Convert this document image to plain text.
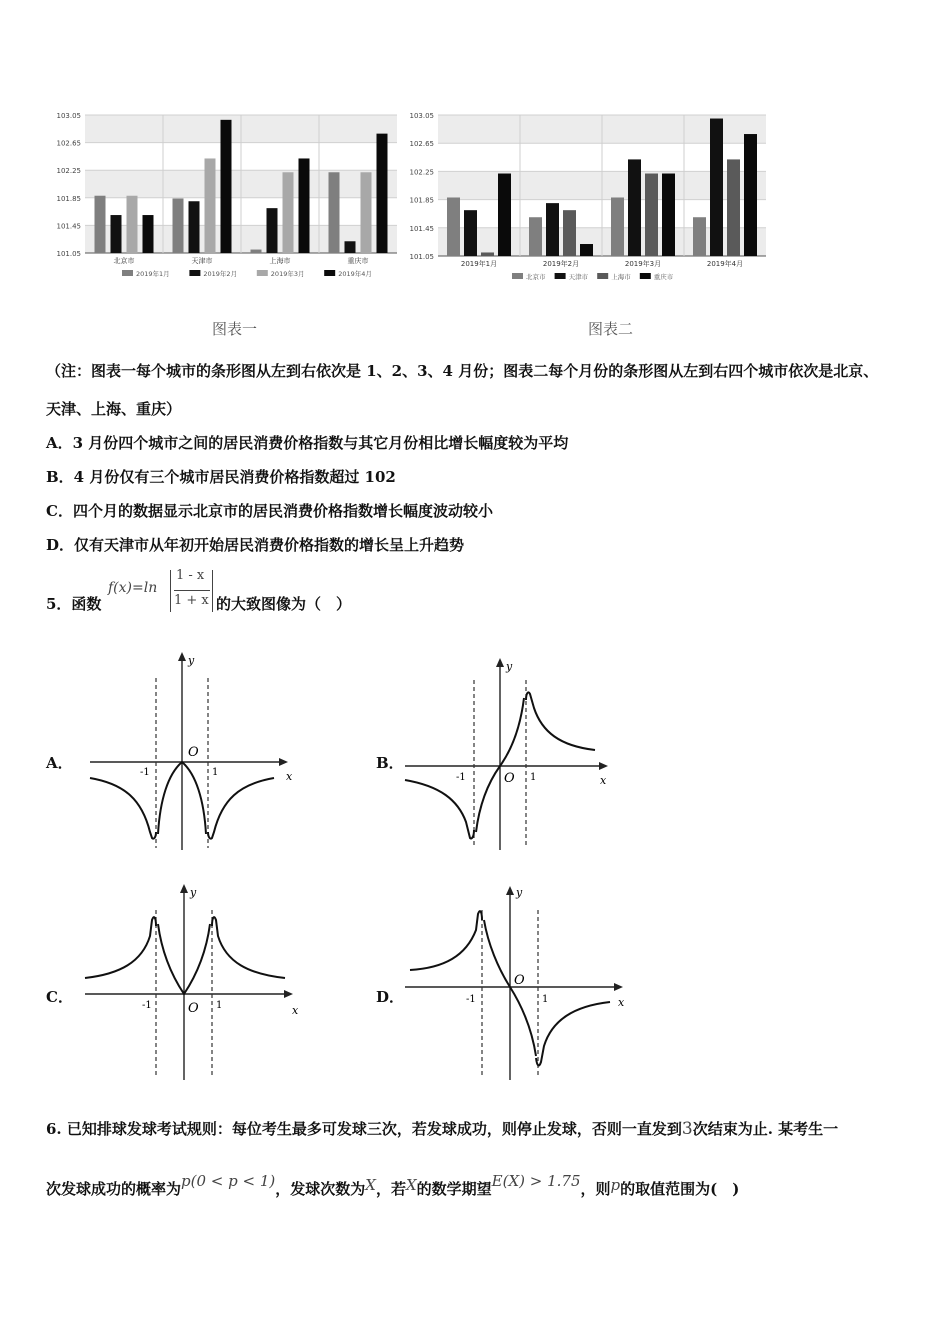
103.05
102.65
102.25
101.85
101.45
101.05
北京市	天津市	上海市	重庆市
2019年1月	2019年2月	2019年3月	2019年4月
图表一
103.05
102.65
102.25
101.85
101.45
101.05
2019年1月	2019年2月	2019年3月	2019年4月
北京市	天津市	上海市	重庆市
图表二
（注：图表一每个城市的条形图从左到右依次是 1、2、3、4 月份；图表二每个月份的条形图从左到右四个城市依次是北京、
天津、上海、重庆）
A．3 月份四个城市之间的居民消费价格指数与其它月份相比增长幅度较为平均
B．4 月份仅有三个城市居民消费价格指数超过 102
C．四个月的数据显示北京市的居民消费价格指数增长幅度波动较小
D．仅有天津市从年初开始居民消费价格指数的增长呈上升趋势
5．函数
f(x)=ln
1 - x
1 + x 的大致图像为（　）
A．	B．
C．	D．
O
y
x
-1	1	O
y
x
-1	1
O
y
x
-1	1
O
y
x
-1	1
6. 已知排球发球考试规则：每位考生最多可发球三次，若发球成功，则停止发球，否则一直发到3次结束为止. 某考生一
次发球成功的概率为p(0 < p < 1)，发球次数为X，若X的数学期望E(X) > 1.75，则p的取值范围为(　)
